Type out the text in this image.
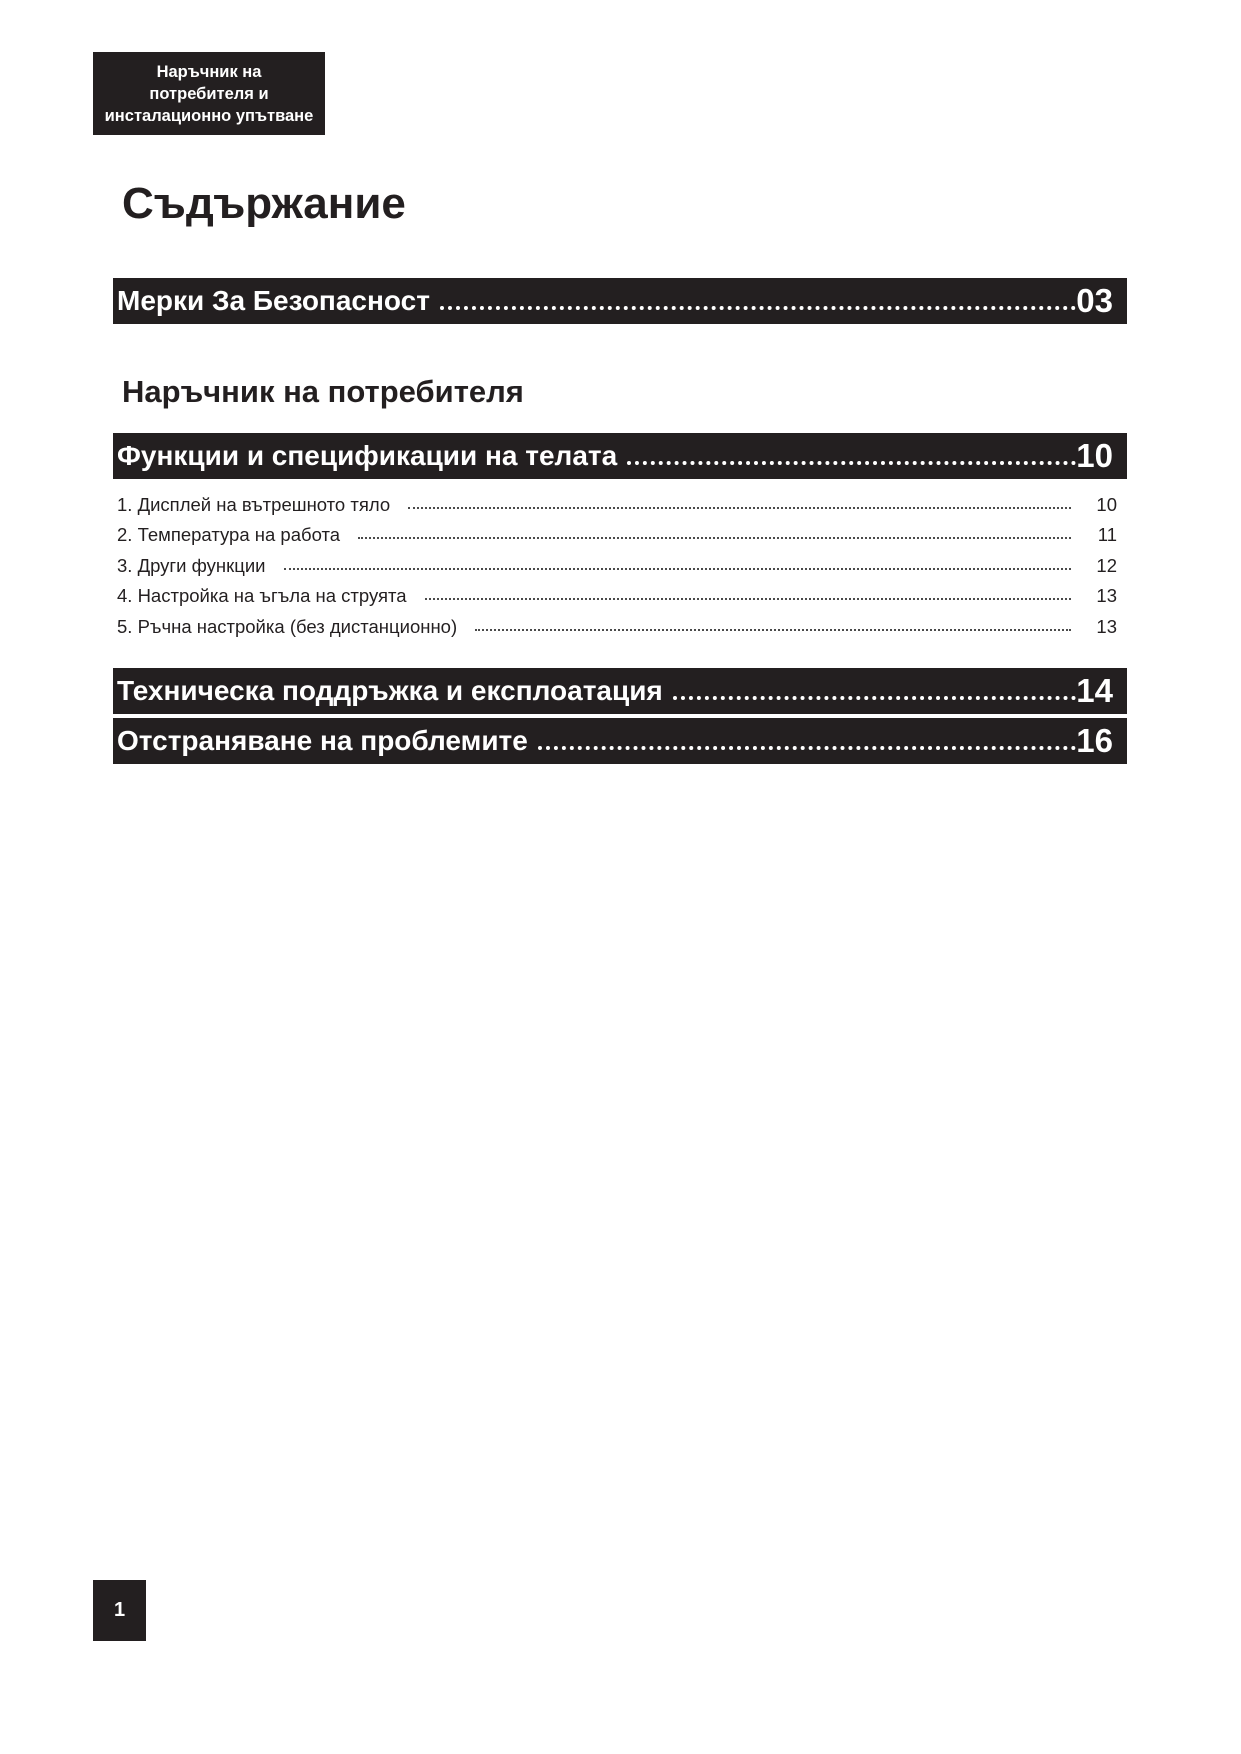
Наръчник на
потребителя и
инсталационно упътване
Съдържание
Мерки За Безопасност	03
Наръчник на потребителя
Функции и спецификации на телата	10
1. Дисплей на вътрешното тяло	10
2. Температура на работа	11
3. Други функции	12
4. Настройка на ъгъла на струята	13
5. Ръчна настройка (без дистанционно)	13
Техническа поддръжка и експлоатация	14
Отстраняване на проблемите	16
1
